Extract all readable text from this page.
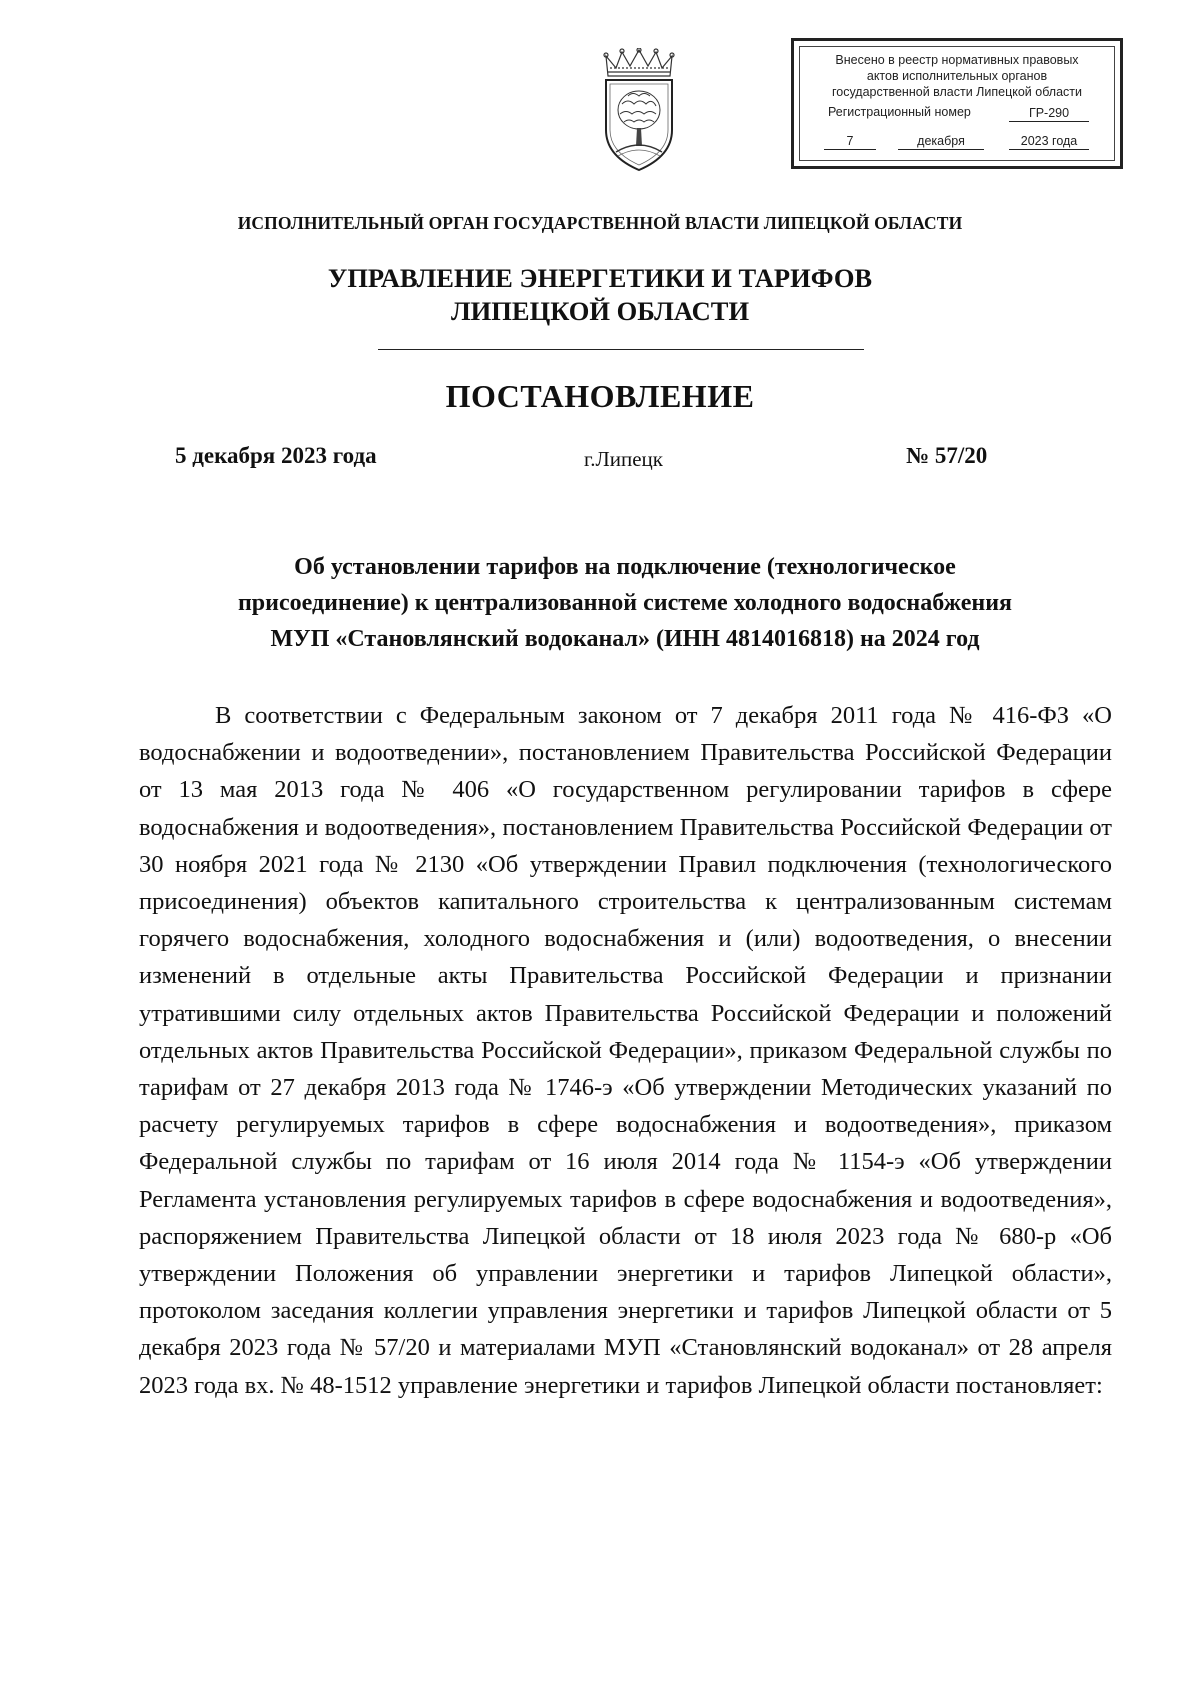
Внесено в реестр нормативных правовых
актов исполнительных органов
государственной власти Липецкой области
Регистрационный номер	ГР-290
7	декабря	2023 года
ИСПОЛНИТЕЛЬНЫЙ ОРГАН ГОСУДАРСТВЕННОЙ ВЛАСТИ ЛИПЕЦКОЙ ОБЛАСТИ
УПРАВЛЕНИЕ ЭНЕРГЕТИКИ И ТАРИФОВ
ЛИПЕЦКОЙ ОБЛАСТИ
ПОСТАНОВЛЕНИЕ
5 декабря 2023 года	г.Липецк	№ 57/20
Об установлении тарифов на подключение (технологическое
присоединение) к централизованной системе холодного водоснабжения
МУП «Становлянский водоканал» (ИНН 4814016818) на 2024 год

В соответствии с Федеральным законом от 7 декабря 2011 года № 416-ФЗ «О водоснабжении и водоотведении», постановлением Правительства Российской Федерации от 13 мая 2013 года № 406 «О государственном регулировании тарифов в сфере водоснабжения и водоотведения», постановлением Правительства Российской Федерации от 30 ноября 2021 года № 2130 «Об утверждении Правил подключения (технологического присоединения) объектов капитального строительства к централизованным системам горячего водоснабжения, холодного водоснабжения и (или) водоотведения, о внесении изменений в отдельные акты Правительства Российской Федерации и признании утратившими силу отдельных актов Правительства Российской Федерации и положений отдельных актов Правительства Российской Федерации», приказом Федеральной службы по тарифам от 27 декабря 2013 года № 1746-э «Об утверждении Методических указаний по расчету регулируемых тарифов в сфере водоснабжения и водоотведения», приказом Федеральной службы по тарифам от 16 июля 2014 года № 1154-э «Об утверждении Регламента установления регулируемых тарифов в сфере водоснабжения и водоотведения», распоряжением Правительства Липецкой области от 18 июля 2023 года № 680-р «Об утверждении Положения об управлении энергетики и тарифов Липецкой области», протоколом заседания коллегии управления энергетики и тарифов Липецкой области от 5 декабря 2023 года № 57/20 и материалами МУП «Становлянский водоканал» от 28 апреля 2023 года вх. № 48-1512 управление энергетики и тарифов Липецкой области постановляет:
